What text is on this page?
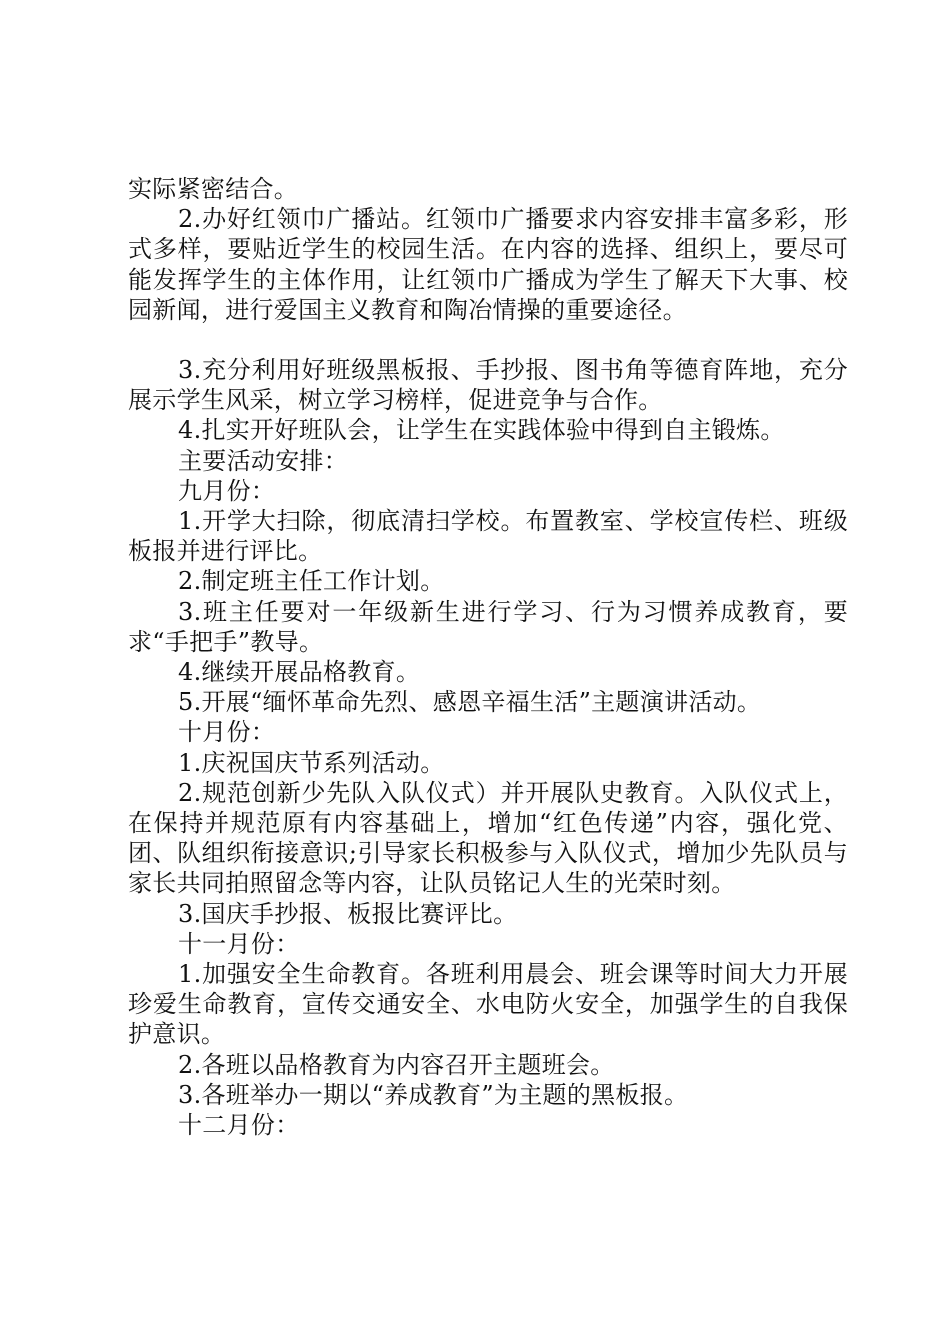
实际紧密结合。

2.办好红领巾广播站。红领巾广播要求内容安排丰富多彩，形式多样，要贴近学生的校园生活。在内容的选择、组织上，要尽可能发挥学生的主体作用，让红领巾广播成为学生了解天下大事、校园新闻，进行爱国主义教育和陶冶情操的重要途径。

3.充分利用好班级黑板报、手抄报、图书角等德育阵地，充分展示学生风采，树立学习榜样，促进竞争与合作。

4.扎实开好班队会，让学生在实践体验中得到自主锻炼。

主要活动安排：

九月份：

1.开学大扫除，彻底清扫学校。布置教室、学校宣传栏、班级板报并进行评比。

2.制定班主任工作计划。

3.班主任要对一年级新生进行学习、行为习惯养成教育，要求“手把手”教导。

4.继续开展品格教育。

5.开展“缅怀革命先烈、感恩辛福生活”主题演讲活动。

十月份：

1.庆祝国庆节系列活动。

2.规范创新少先队入队仪式）并开展队史教育。入队仪式上，在保持并规范原有内容基础上，增加“红色传递”内容，强化党、团、队组织衔接意识;引导家长积极参与入队仪式，增加少先队员与家长共同拍照留念等内容，让队员铭记人生的光荣时刻。

3.国庆手抄报、板报比赛评比。

十一月份：

1.加强安全生命教育。各班利用晨会、班会课等时间大力开展珍爱生命教育，宣传交通安全、水电防火安全，加强学生的自我保护意识。

2.各班以品格教育为内容召开主题班会。

3.各班举办一期以“养成教育”为主题的黑板报。

十二月份：
